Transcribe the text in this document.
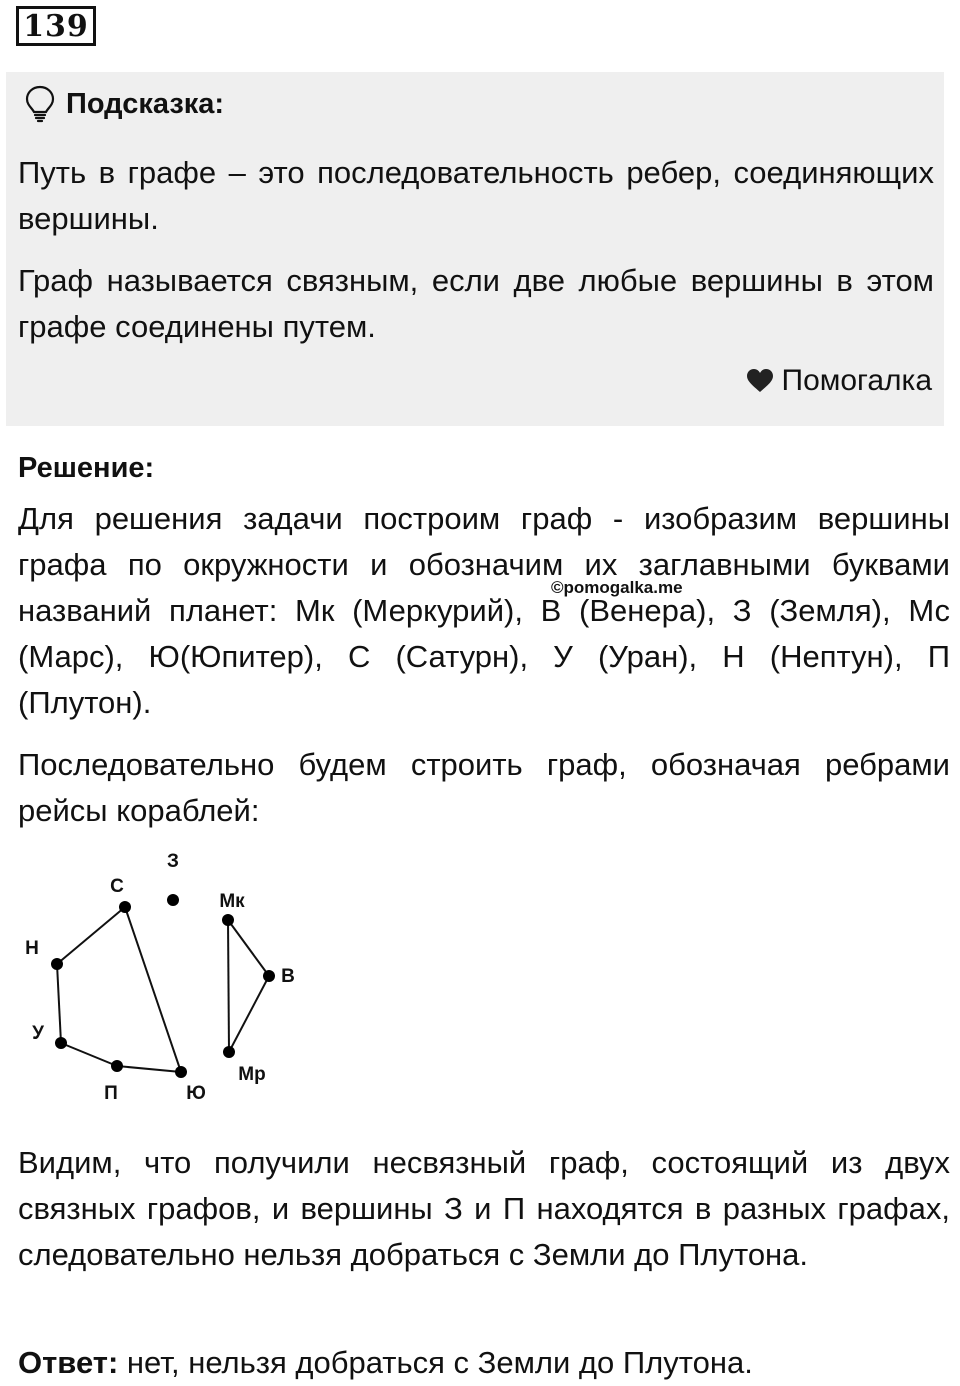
139
Подсказка:

Путь в графе – это последовательность ребер, соединяющих вершины.

Граф называется связным, если две любые вершины в этом графе соединены путем.

Помогалка
Решение:

Для решения задачи построим граф - изобразим вершины графа по окружности и обозначим их заглавными буквами названий планет: Мк (Меркурий), В (Венера), З (Земля), Мс (Марс), Ю(Юпитер), С (Сатурн), У (Уран), Н (Нептун), П (Плутон).

©pomogalka.me

Последовательно будем строить граф, обозначая ребрами рейсы кораблей:

З
Мк
В
Мр
Ю
П
У
Н
С

Видим, что получили несвязный граф, состоящий из двух связных графов, и вершины З и П находятся в разных графах, следовательно нельзя добраться с Земли до Плутона.

Ответ: нет, нельзя добраться с Земли до Плутона.
